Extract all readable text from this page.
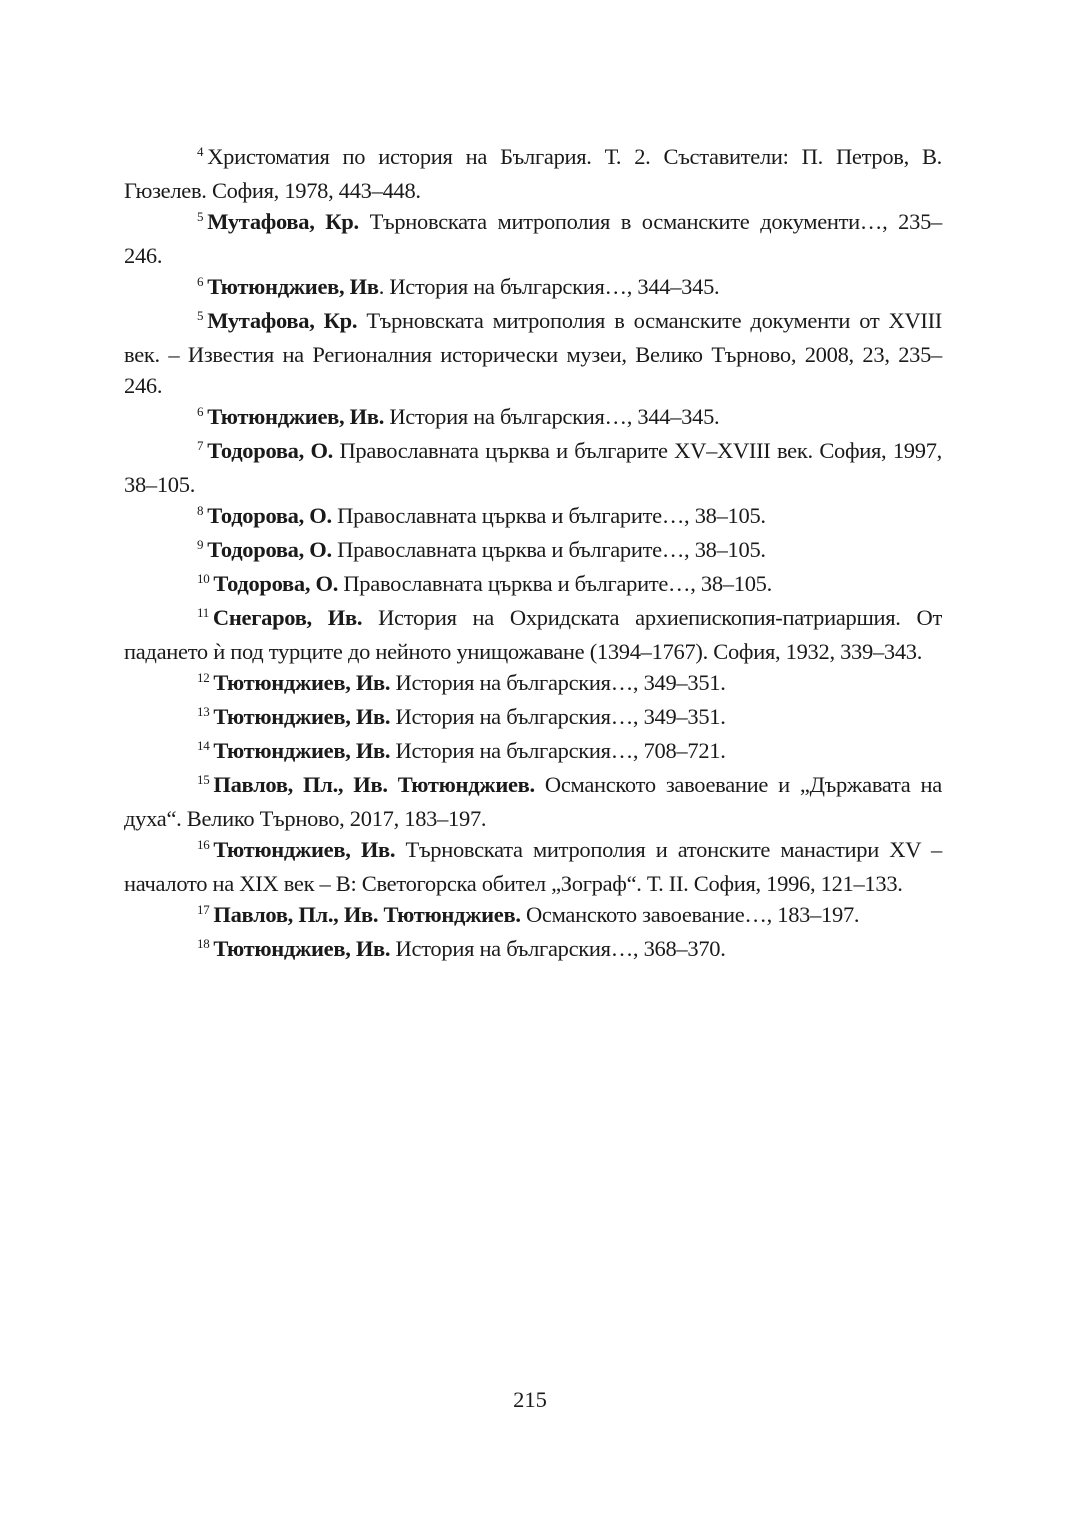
$^4$ Христоматия по история на България. Т. 2. Съставители: П. Петров, В. Гюзелев. София, 1978, 443–448.

$^5$ Мутафова, Кр. Търновската митрополия в османските документи…, 235–246.

$^6$ Тютюнджиев, Ив. История на българския…, 344–345.

$^5$ Мутафова, Кр. Търновската митрополия в османските документи от XVIII век. – Известия на Регионалния исторически музеи, Велико Търново, 2008, 23, 235–246.

$^6$ Тютюнджиев, Ив. История на българския…, 344–345.

$^7$ Тодорова, О. Православната църква и българите XV–XVIII век. София, 1997, 38–105.

$^8$ Тодорова, О. Православната църква и българите…, 38–105.

$^9$ Тодорова, О. Православната църква и българите…, 38–105.

$^{10}$ Тодорова, О. Православната църква и българите…, 38–105.

$^{11}$ Снегаров, Ив. История на Охридската архиепископия-патриаршия. От падането ѝ под турците до нейното унищожаване (1394–1767). София, 1932, 339–343.

$^{12}$ Тютюнджиев, Ив. История на българския…, 349–351.

$^{13}$ Тютюнджиев, Ив. История на българския…, 349–351.

$^{14}$ Тютюнджиев, Ив. История на българския…, 708–721.

$^{15}$ Павлов, Пл., Ив. Тютюнджиев. Османското завоевание и „Държавата на духа“. Велико Търново, 2017, 183–197.

$^{16}$ Тютюнджиев, Ив. Търновската митрополия и атонските манастири XV – началото на XIX век – В: Светогорска обител „Зограф“. Т. II. София, 1996, 121–133.

$^{17}$ Павлов, Пл., Ив. Тютюнджиев. Османското завоевание…, 183–197.

$^{18}$ Тютюнджиев, Ив. История на българския…, 368–370.

215
